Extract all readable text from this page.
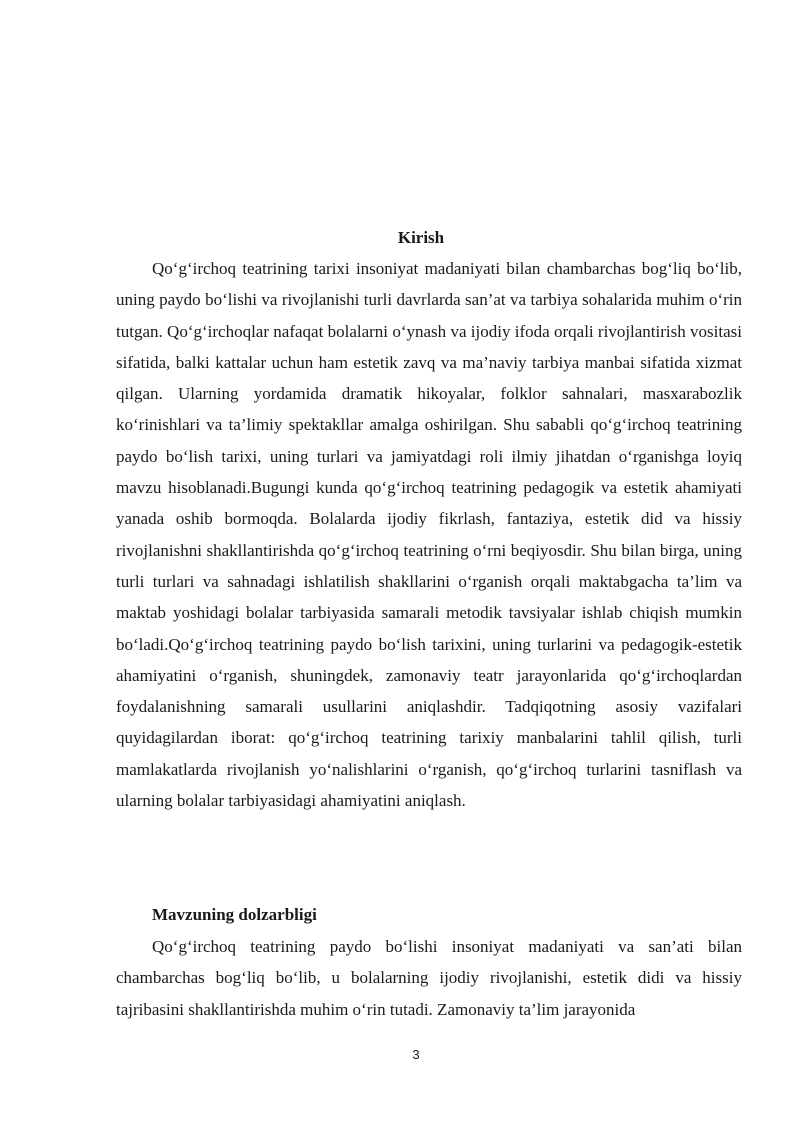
Kirish

Qo‘g‘irchoq teatrining tarixi insoniyat madaniyati bilan chambarchas bog‘liq bo‘lib, uning paydo bo‘lishi va rivojlanishi turli davrlarda san’at va tarbiya sohalarida muhim o‘rin tutgan. Qo‘g‘irchoqlar nafaqat bolalarni o‘ynash va ijodiy ifoda orqali rivojlantirish vositasi sifatida, balki kattalar uchun ham estetik zavq va ma’naviy tarbiya manbai sifatida xizmat qilgan. Ularning yordamida dramatik hikoyalar, folklor sahnalari, masxarabozlik ko‘rinishlari va ta’limiy spektakllar amalga oshirilgan. Shu sababli qo‘g‘irchoq teatrining paydo bo‘lish tarixi, uning turlari va jamiyatdagi roli ilmiy jihatdan o‘rganishga loyiq mavzu hisoblanadi.Bugungi kunda qo‘g‘irchoq teatrining pedagogik va estetik ahamiyati yanada oshib bormoqda. Bolalarda ijodiy fikrlash, fantaziya, estetik did va hissiy rivojlanishni shakllantirishda qo‘g‘irchoq teatrining o‘rni beqiyosdir. Shu bilan birga, uning turli turlari va sahnadagi ishlatilish shakllarini o‘rganish orqali maktabgacha ta’lim va maktab yoshidagi bolalar tarbiyasida samarali metodik tavsiyalar ishlab chiqish mumkin bo‘ladi.Qo‘g‘irchoq teatrining paydo bo‘lish tarixini, uning turlarini va pedagogik-estetik ahamiyatini o‘rganish, shuningdek, zamonaviy teatr jarayonlarida qo‘g‘irchoqlardan foydalanishning samarali usullarini aniqlashdir. Tadqiqotning asosiy vazifalari quyidagilardan iborat: qo‘g‘irchoq teatrining tarixiy manbalarini tahlil qilish, turli mamlakatlarda rivojlanish yo‘nalishlarini o‘rganish, qo‘g‘irchoq turlarini tasniflash va ularning bolalar tarbiyasidagi ahamiyatini aniqlash.

Mavzuning dolzarbligi

Qo‘g‘irchoq teatrining paydo bo‘lishi insoniyat madaniyati va san’ati bilan chambarchas bog‘liq bo‘lib, u bolalarning ijodiy rivojlanishi, estetik didi va hissiy tajribasini shakllantirishda muhim o‘rin tutadi. Zamonaviy ta’lim jarayonida

3
